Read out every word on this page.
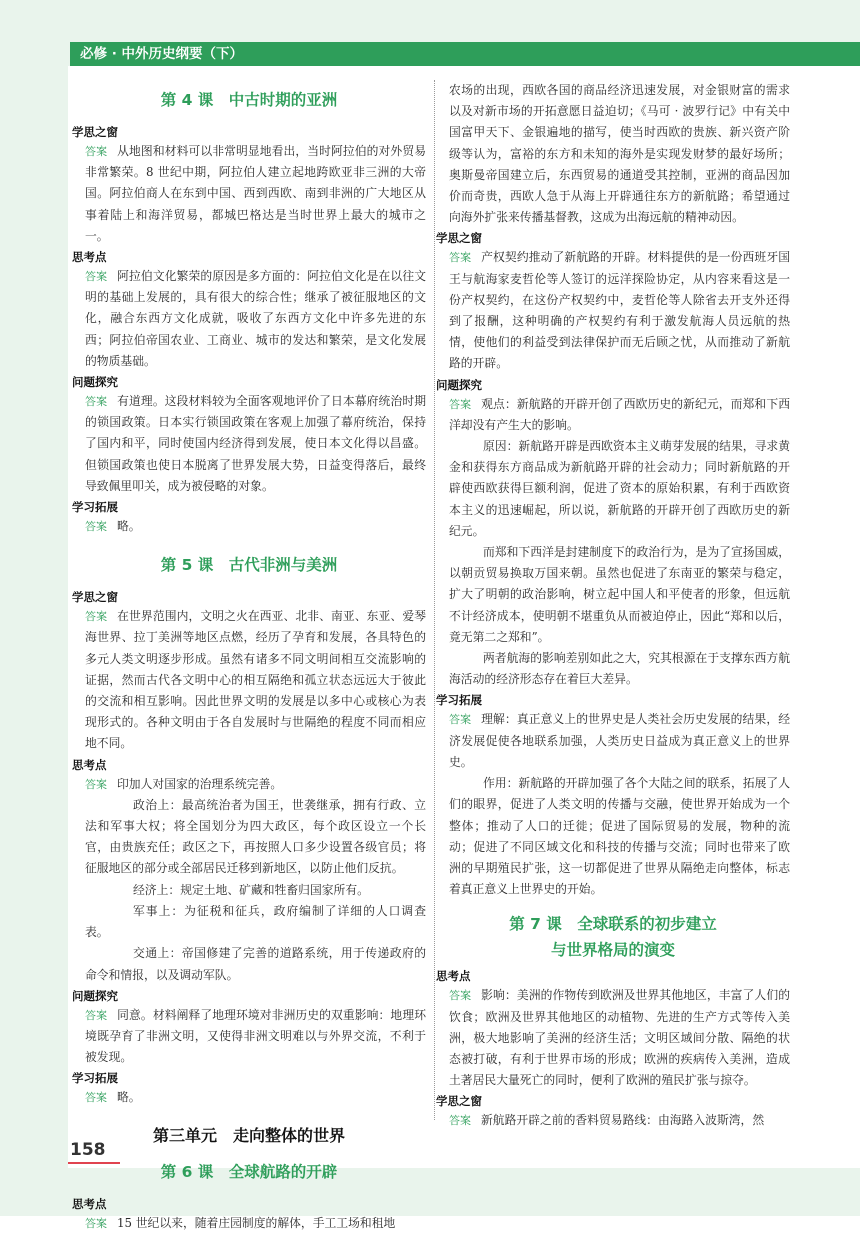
必修 · 中外历史纲要（下）
第 4 课　中古时期的亚洲
学思之窗

答案 从地图和材料可以非常明显地看出，当时阿拉伯的对外贸易非常繁荣。8 世纪中期，阿拉伯人建立起地跨欧亚非三洲的大帝国。阿拉伯商人在东到中国、西到西欧、南到非洲的广大地区从事着陆上和海洋贸易，都城巴格达是当时世界上最大的城市之一。

思考点

答案 阿拉伯文化繁荣的原因是多方面的：阿拉伯文化是在以往文明的基础上发展的，具有很大的综合性；继承了被征服地区的文化，融合东西方文化成就，吸收了东西方文化中许多先进的东西；阿拉伯帝国农业、工商业、城市的发达和繁荣，是文化发展的物质基础。

问题探究

答案 有道理。这段材料较为全面客观地评价了日本幕府统治时期的锁国政策。日本实行锁国政策在客观上加强了幕府统治，保持了国内和平，同时使国内经济得到发展，使日本文化得以昌盛。但锁国政策也使日本脱离了世界发展大势，日益变得落后，最终导致佩里叩关，成为被侵略的对象。

学习拓展

答案 略。

第 5 课　古代非洲与美洲
学思之窗

答案 在世界范围内，文明之火在西亚、北非、南亚、东亚、爱琴海世界、拉丁美洲等地区点燃，经历了孕育和发展，各具特色的多元人类文明逐步形成。虽然有诸多不同文明间相互交流影响的证据，然而古代各文明中心的相互隔绝和孤立状态远远大于彼此的交流和相互影响。因此世界文明的发展是以多中心或核心为表现形式的。各种文明由于各自发展时与世隔绝的程度不同而相应地不同。

思考点

答案 印加人对国家的治理系统完善。

政治上：最高统治者为国王，世袭继承，拥有行政、立法和军事大权；将全国划分为四大政区，每个政区设立一个长官，由贵族充任；政区之下，再按照人口多少设置各级官员；将征服地区的部分或全部居民迁移到新地区，以防止他们反抗。

经济上：规定土地、矿藏和牲畜归国家所有。

军事上：为征税和征兵，政府编制了详细的人口调查表。

交通上：帝国修建了完善的道路系统，用于传递政府的命令和情报，以及调动军队。

问题探究

答案 同意。材料阐释了地理环境对非洲历史的双重影响：地理环境既孕育了非洲文明，又使得非洲文明难以与外界交流，不利于被发现。

学习拓展

答案 略。

第三单元　走向整体的世界
第 6 课　全球航路的开辟
思考点

答案 15 世纪以来，随着庄园制度的解体，手工工场和租地

农场的出现，西欧各国的商品经济迅速发展，对金银财富的需求以及对新市场的开拓意愿日益迫切；《马可 · 波罗行记》中有关中国富甲天下、金银遍地的描写，使当时西欧的贵族、新兴资产阶级等认为，富裕的东方和未知的海外是实现发财梦的最好场所；奥斯曼帝国建立后，东西贸易的通道受其控制，亚洲的商品因加价而奇贵，西欧人急于从海上开辟通往东方的新航路；希望通过向海外扩张来传播基督教，这成为出海远航的精神动因。

学思之窗

答案 产权契约推动了新航路的开辟。材料提供的是一份西班牙国王与航海家麦哲伦等人签订的远洋探险协定，从内容来看这是一份产权契约，在这份产权契约中，麦哲伦等人除省去开支外还得到了报酬，这种明确的产权契约有利于激发航海人员远航的热情，使他们的利益受到法律保护而无后顾之忧，从而推动了新航路的开辟。

问题探究

答案 观点：新航路的开辟开创了西欧历史的新纪元，而郑和下西洋却没有产生大的影响。

原因：新航路开辟是西欧资本主义萌芽发展的结果，寻求黄金和获得东方商品成为新航路开辟的社会动力；同时新航路的开辟使西欧获得巨额利润，促进了资本的原始积累，有利于西欧资本主义的迅速崛起，所以说，新航路的开辟开创了西欧历史的新纪元。

而郑和下西洋是封建制度下的政治行为，是为了宣扬国威，以朝贡贸易换取万国来朝。虽然也促进了东南亚的繁荣与稳定，扩大了明朝的政治影响，树立起中国人和平使者的形象，但远航不计经济成本，使明朝不堪重负从而被迫停止，因此“郑和以后，竟无第二之郑和”。

两者航海的影响差别如此之大，究其根源在于支撑东西方航海活动的经济形态存在着巨大差异。

学习拓展

答案 理解：真正意义上的世界史是人类社会历史发展的结果，经济发展促使各地联系加强，人类历史日益成为真正意义上的世界史。

作用：新航路的开辟加强了各个大陆之间的联系，拓展了人们的眼界，促进了人类文明的传播与交融，使世界开始成为一个整体；推动了人口的迁徙；促进了国际贸易的发展，物种的流动；促进了不同区域文化和科技的传播与交流；同时也带来了欧洲的早期殖民扩张，这一切都促进了世界从隔绝走向整体，标志着真正意义上世界史的开始。

第 7 课　全球联系的初步建立
与世界格局的演变
思考点

答案 影响：美洲的作物传到欧洲及世界其他地区，丰富了人们的饮食；欧洲及世界其他地区的动植物、先进的生产方式等传入美洲，极大地影响了美洲的经济生活；文明区域间分散、隔绝的状态被打破，有利于世界市场的形成；欧洲的疾病传入美洲，造成土著居民大量死亡的同时，便利了欧洲的殖民扩张与掠夺。

学思之窗

答案 新航路开辟之前的香料贸易路线：由海路入波斯湾，然

158
